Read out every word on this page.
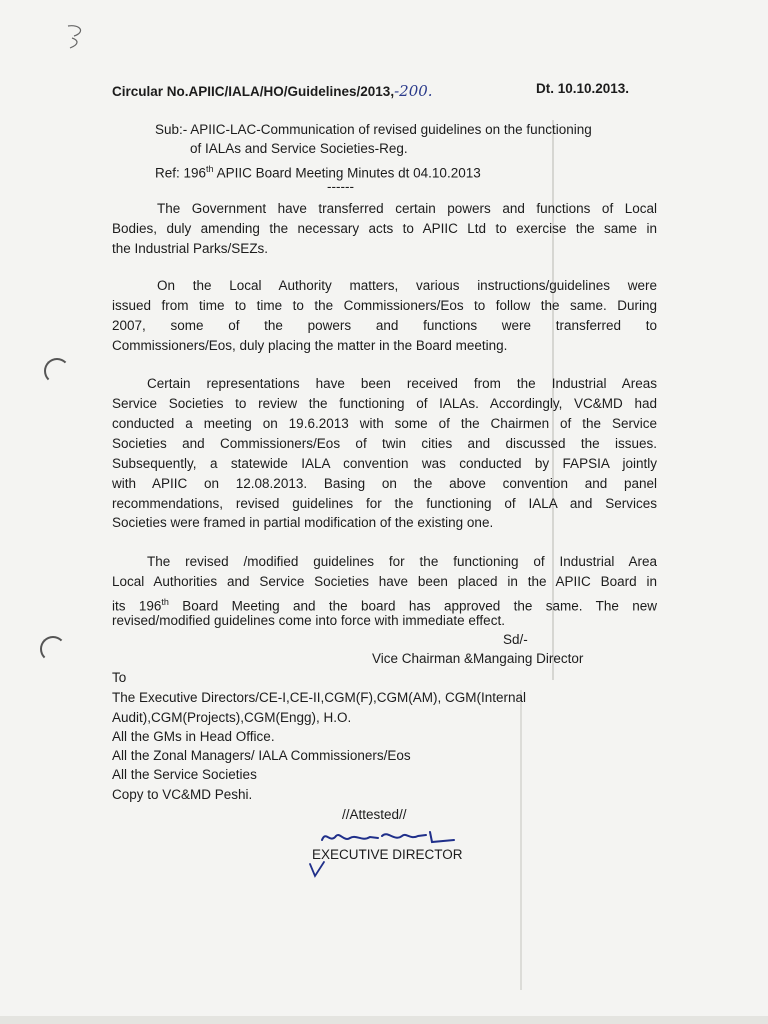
Circular No.APIIC/IALA/HO/Guidelines/2013,-200.	Dt. 10.10.2013.
Sub:- APIIC-LAC-Communication of revised guidelines on the functioning
of IALAs and Service Societies-Reg.
Ref: 196th APIIC Board Meeting Minutes dt 04.10.2013
------
The Government have transferred certain powers and functions of Local
Bodies, duly amending the necessary acts to APIIC Ltd to exercise the same in
the Industrial Parks/SEZs.
On the Local Authority matters, various instructions/guidelines were
issued from time to time to the Commissioners/Eos to follow the same. During
2007, some of the powers and functions were transferred to
Commissioners/Eos, duly placing the matter in the Board meeting.
Certain representations have been received from the Industrial Areas
Service Societies to review the functioning of IALAs. Accordingly, VC&MD had
conducted a meeting on 19.6.2013 with some of the Chairmen of the Service
Societies and Commissioners/Eos of twin cities and discussed the issues.
Subsequently, a statewide IALA convention was conducted by FAPSIA jointly
with APIIC on 12.08.2013. Basing on the above convention and panel
recommendations, revised guidelines for the functioning of IALA and Services
Societies were framed in partial modification of the existing one.
The revised /modified guidelines for the functioning of Industrial Area
Local Authorities and Service Societies have been placed in the APIIC Board in
its 196th Board Meeting and the board has approved the same. The new
revised/modified guidelines come into force with immediate effect.
Sd/-
Vice Chairman &Mangaing Director
To
The Executive Directors/CE-I,CE-II,CGM(F),CGM(AM), CGM(Internal
Audit),CGM(Projects),CGM(Engg), H.O.
All the GMs in Head Office.
All the Zonal Managers/ IALA Commissioners/Eos
All the Service Societies
Copy to VC&MD Peshi.
//Attested//
EXECUTIVE DIRECTOR
